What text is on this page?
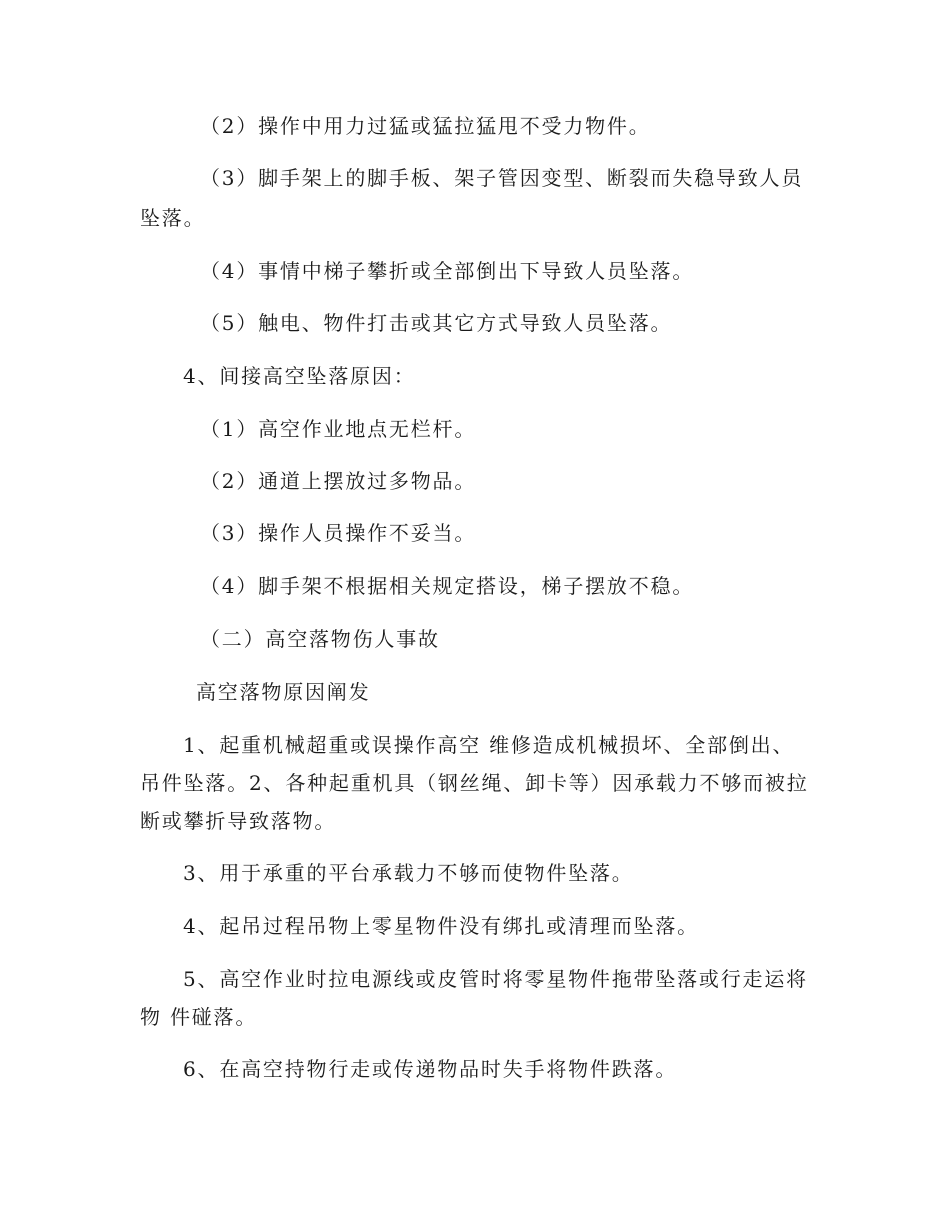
（2）操作中用力过猛或猛拉猛甩不受力物件。
（3）脚手架上的脚手板、架子管因变型、断裂而失稳导致人员
坠落。
（4）事情中梯子攀折或全部倒出下导致人员坠落。
（5）触电、物件打击或其它方式导致人员坠落。
4、间接高空坠落原因：
（1）高空作业地点无栏杆。
（2）通道上摆放过多物品。
（3）操作人员操作不妥当。
（4）脚手架不根据相关规定搭设，梯子摆放不稳。
（二）高空落物伤人事故
高空落物原因阐发
1、起重机械超重或误操作高空 维修造成机械损坏、全部倒出、
吊件坠落。2、各种起重机具（钢丝绳、卸卡等）因承载力不够而被拉
断或攀折导致落物。
3、用于承重的平台承载力不够而使物件坠落。
4、起吊过程吊物上零星物件没有绑扎或清理而坠落。
5、高空作业时拉电源线或皮管时将零星物件拖带坠落或行走运将
物 件碰落。
6、在高空持物行走或传递物品时失手将物件跌落。
